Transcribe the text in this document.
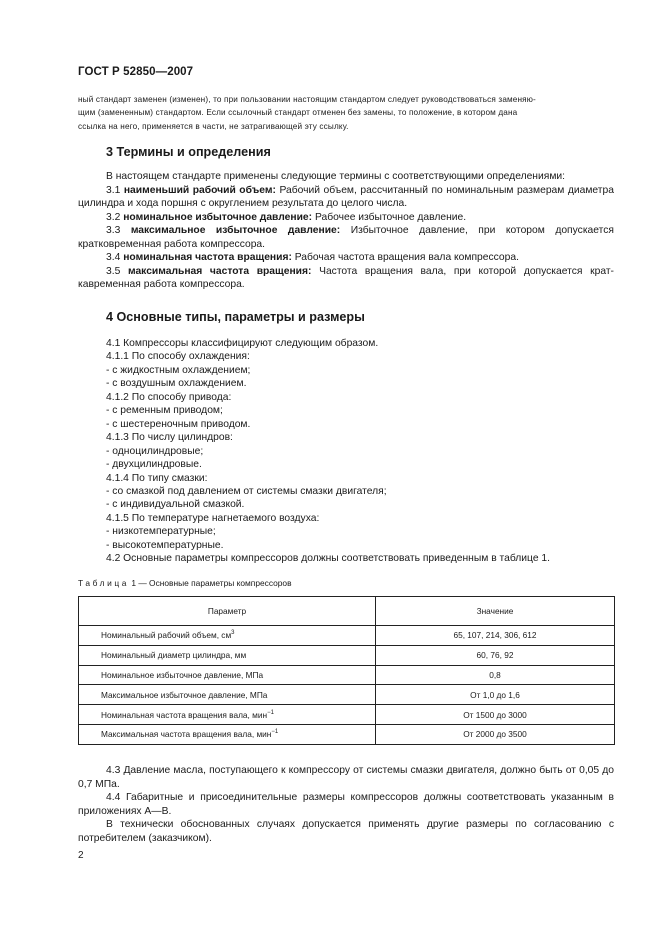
ГОСТ Р 52850—2007
ный стандарт заменен (изменен), то при пользовании настоящим стандартом следует руководствоваться заменяю-
щим (замененным) стандартом. Если ссылочный стандарт отменен без замены, то положение, в котором дана
ссылка на него, применяется в части, не затрагивающей эту ссылку.
3 Термины и определения
В настоящем стандарте применены следующие термины с соответствующими определениями:
3.1 наименьший рабочий объем: Рабочий объем, рассчитанный по номинальным размерам диаметра цилиндра и хода поршня с округлением результата до целого числа.
3.2 номинальное избыточное давление: Рабочее избыточное давление.
3.3 максимальное избыточное давление: Избыточное давление, при котором допускается кратковременная работа компрессора.
3.4 номинальная частота вращения: Рабочая частота вращения вала компрессора.
3.5 максимальная частота вращения: Частота вращения вала, при которой допускается крат-кавременная работа компрессора.
4 Основные типы, параметры и размеры
4.1 Компрессоры классифицируют следующим образом.
4.1.1 По способу охлаждения:
- с жидкостным охлаждением;
- с воздушным охлаждением.
4.1.2 По способу привода:
- с ременным приводом;
- с шестереночным приводом.
4.1.3 По числу цилиндров:
- одноцилиндровые;
- двухцилиндровые.
4.1.4 По типу смазки:
- со смазкой под давлением от системы смазки двигателя;
- с индивидуальной смазкой.
4.1.5 По температуре нагнетаемого воздуха:
- низкотемпературные;
- высокотемпературные.
4.2 Основные параметры компрессоров должны соответствовать приведенным в таблице 1.
Таблица 1 — Основные параметры компрессоров
Параметр	Значение
Номинальный рабочий объем, $см^3$	65, 107, 214, 306, 612
Номинальный диаметр цилиндра, мм	60, 76, 92
Номинальное избыточное давление, МПа	0,8
Максимальное избыточное давление, МПа	От 1,0 до 1,6
Номинальная частота вращения вала, мин$^{-1}$	От 1500 до 3000
Максимальная частота вращения вала, мин$^{-1}$	От 2000 до 3500
4.3 Давление масла, поступающего к компрессору от системы смазки двигателя, должно быть от 0,05 до 0,7 МПа.
4.4 Габаритные и присоединительные размеры компрессоров должны соответствовать указанным в приложениях А—В.
В технически обоснованных случаях допускается применять другие размеры по согласованию с потребителем (заказчиком).
2
